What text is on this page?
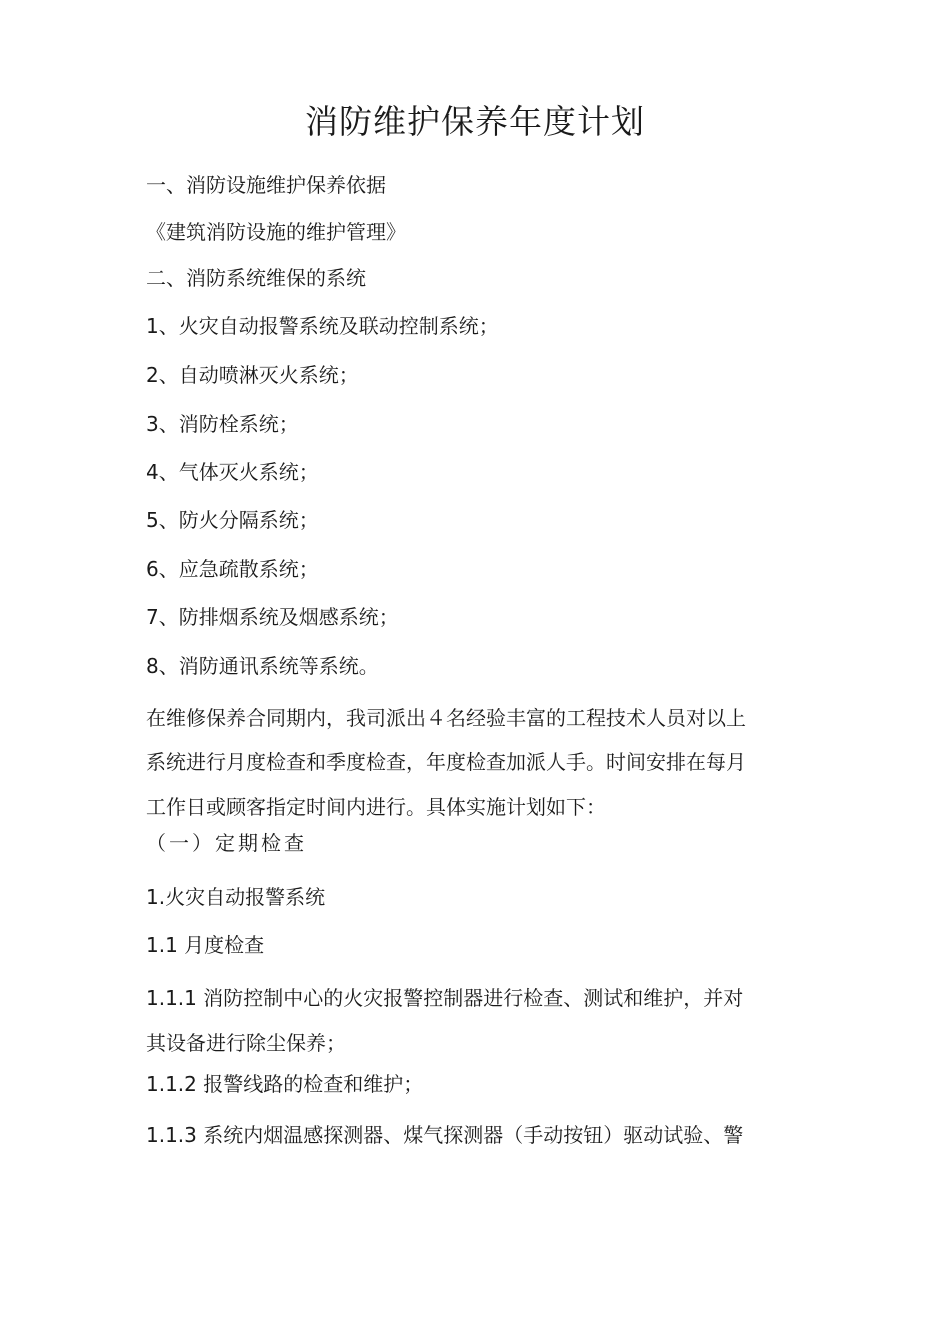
消防维护保养年度计划
一、消防设施维护保养依据
《建筑消防设施的维护管理》
二、消防系统维保的系统
1、火灾自动报警系统及联动控制系统；
2、自动喷淋灭火系统；
3、消防栓系统；
4、气体灭火系统；
5、防火分隔系统；
6、应急疏散系统；
7、防排烟系统及烟感系统；
8、消防通讯系统等系统。
在维修保养合同期内，我司派出４名经验丰富的工程技术人员对以上
系统进行月度检查和季度检查，年度检查加派人手。时间安排在每月
工作日或顾客指定时间内进行。具体实施计划如下：
（一）定期检查
1.火灾自动报警系统
1.1 月度检查
1.1.1 消防控制中心的火灾报警控制器进行检查、测试和维护，并对
其设备进行除尘保养；
1.1.2 报警线路的检查和维护；
1.1.3 系统内烟温感探测器、煤气探测器（手动按钮）驱动试验、警
